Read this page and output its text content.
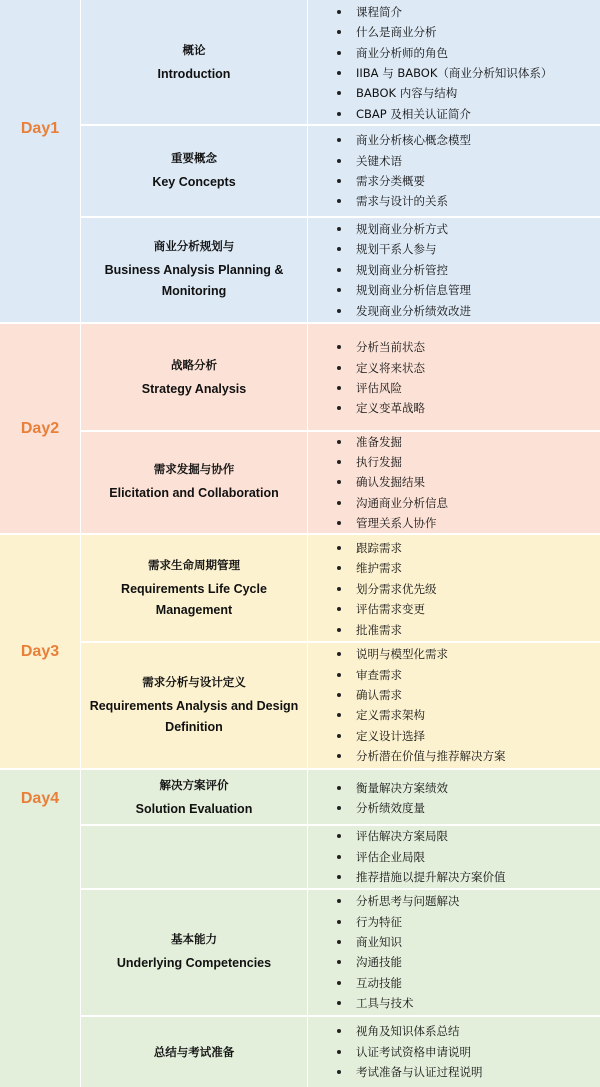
Day1
概论
Introduction
课程简介
什么是商业分析
商业分析师的角色
IIBA 与 BABOK（商业分析知识体系）
BABOK 内容与结构
CBAP 及相关认证简介
重要概念
Key Concepts
商业分析核心概念模型
关键术语
需求分类概要
需求与设计的关系
商业分析规划与
Business Analysis Planning &
Monitoring
规划商业分析方式
规划干系人参与
规划商业分析管控
规划商业分析信息管理
发现商业分析绩效改进
Day2
战略分析
Strategy Analysis
分析当前状态
定义将来状态
评估风险
定义变革战略
需求发掘与协作
Elicitation and Collaboration
准备发掘
执行发掘
确认发掘结果
沟通商业分析信息
管理关系人协作
Day3
需求生命周期管理
Requirements Life Cycle
Management
跟踪需求
维护需求
划分需求优先级
评估需求变更
批准需求
需求分析与设计定义
Requirements Analysis and Design
Definition
说明与模型化需求
审查需求
确认需求
定义需求架构
定义设计选择
分析潜在价值与推荐解决方案
Day4
解决方案评价
Solution Evaluation
衡量解决方案绩效
分析绩效度量
评估解决方案局限
评估企业局限
推荐措施以提升解决方案价值
基本能力
Underlying Competencies
分析思考与问题解决
行为特征
商业知识
沟通技能
互动技能
工具与技术
总结与考试准备
视角及知识体系总结
认证考试资格申请说明
考试准备与认证过程说明
